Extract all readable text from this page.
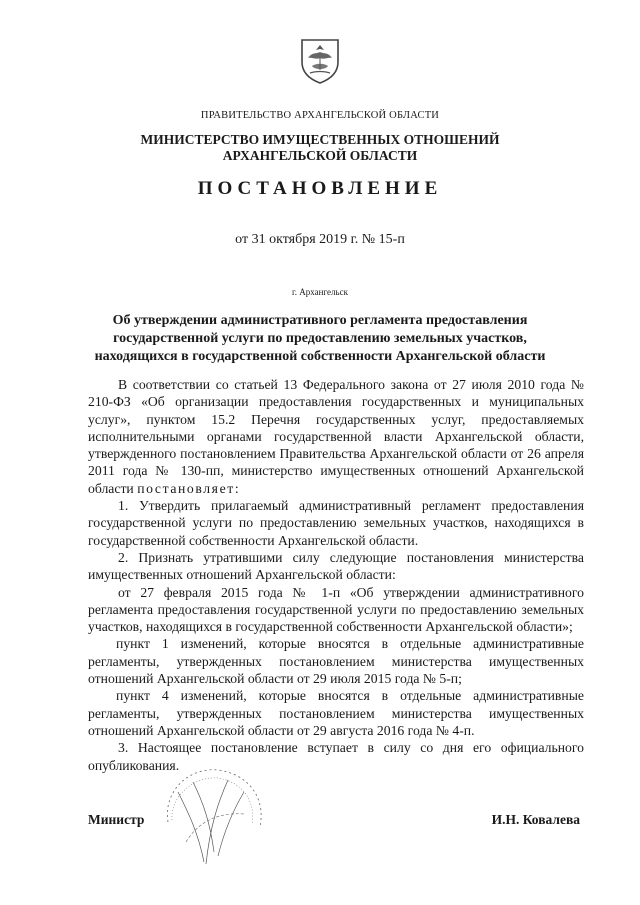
ПРАВИТЕЛЬСТВО АРХАНГЕЛЬСКОЙ ОБЛАСТИ
МИНИСТЕРСТВО ИМУЩЕСТВЕННЫХ ОТНОШЕНИЙ
АРХАНГЕЛЬСКОЙ ОБЛАСТИ
ПОСТАНОВЛЕНИЕ
от 31 октября 2019 г. № 15-п
г. Архангельск
Об утверждении административного регламента предоставления
государственной услуги по предоставлению земельных участков,
находящихся в государственной собственности Архангельской области

В соответствии со статьей 13 Федерального закона от 27 июля 2010 года № 210-ФЗ «Об организации предоставления государственных и муниципальных услуг», пунктом 15.2 Перечня государственных услуг, предоставляемых исполнительными органами государственной власти Архангельской области, утвержденного постановлением Правительства Архангельской области от 26 апреля 2011 года № 130-пп, министерство имущественных отношений Архангельской области постановляет:

1. Утвердить прилагаемый административный регламент предоставления государственной услуги по предоставлению земельных участков, находящихся в государственной собственности Архангельской области.

2. Признать утратившими силу следующие постановления министерства имущественных отношений Архангельской области:

от 27 февраля 2015 года № 1-п «Об утверждении административного регламента предоставления государственной услуги по предоставлению земельных участков, находящихся в государственной собственности Архангельской области»;

пункт 1 изменений, которые вносятся в отдельные административные регламенты, утвержденных постановлением министерства имущественных отношений Архангельской области от 29 июля 2015 года № 5-п;

пункт 4 изменений, которые вносятся в отдельные административные регламенты, утвержденных постановлением министерства имущественных отношений Архангельской области от 29 августа 2016 года № 4-п.

3. Настоящее постановление вступает в силу со дня его официального опубликования.

Министр	И.Н. Ковалева
